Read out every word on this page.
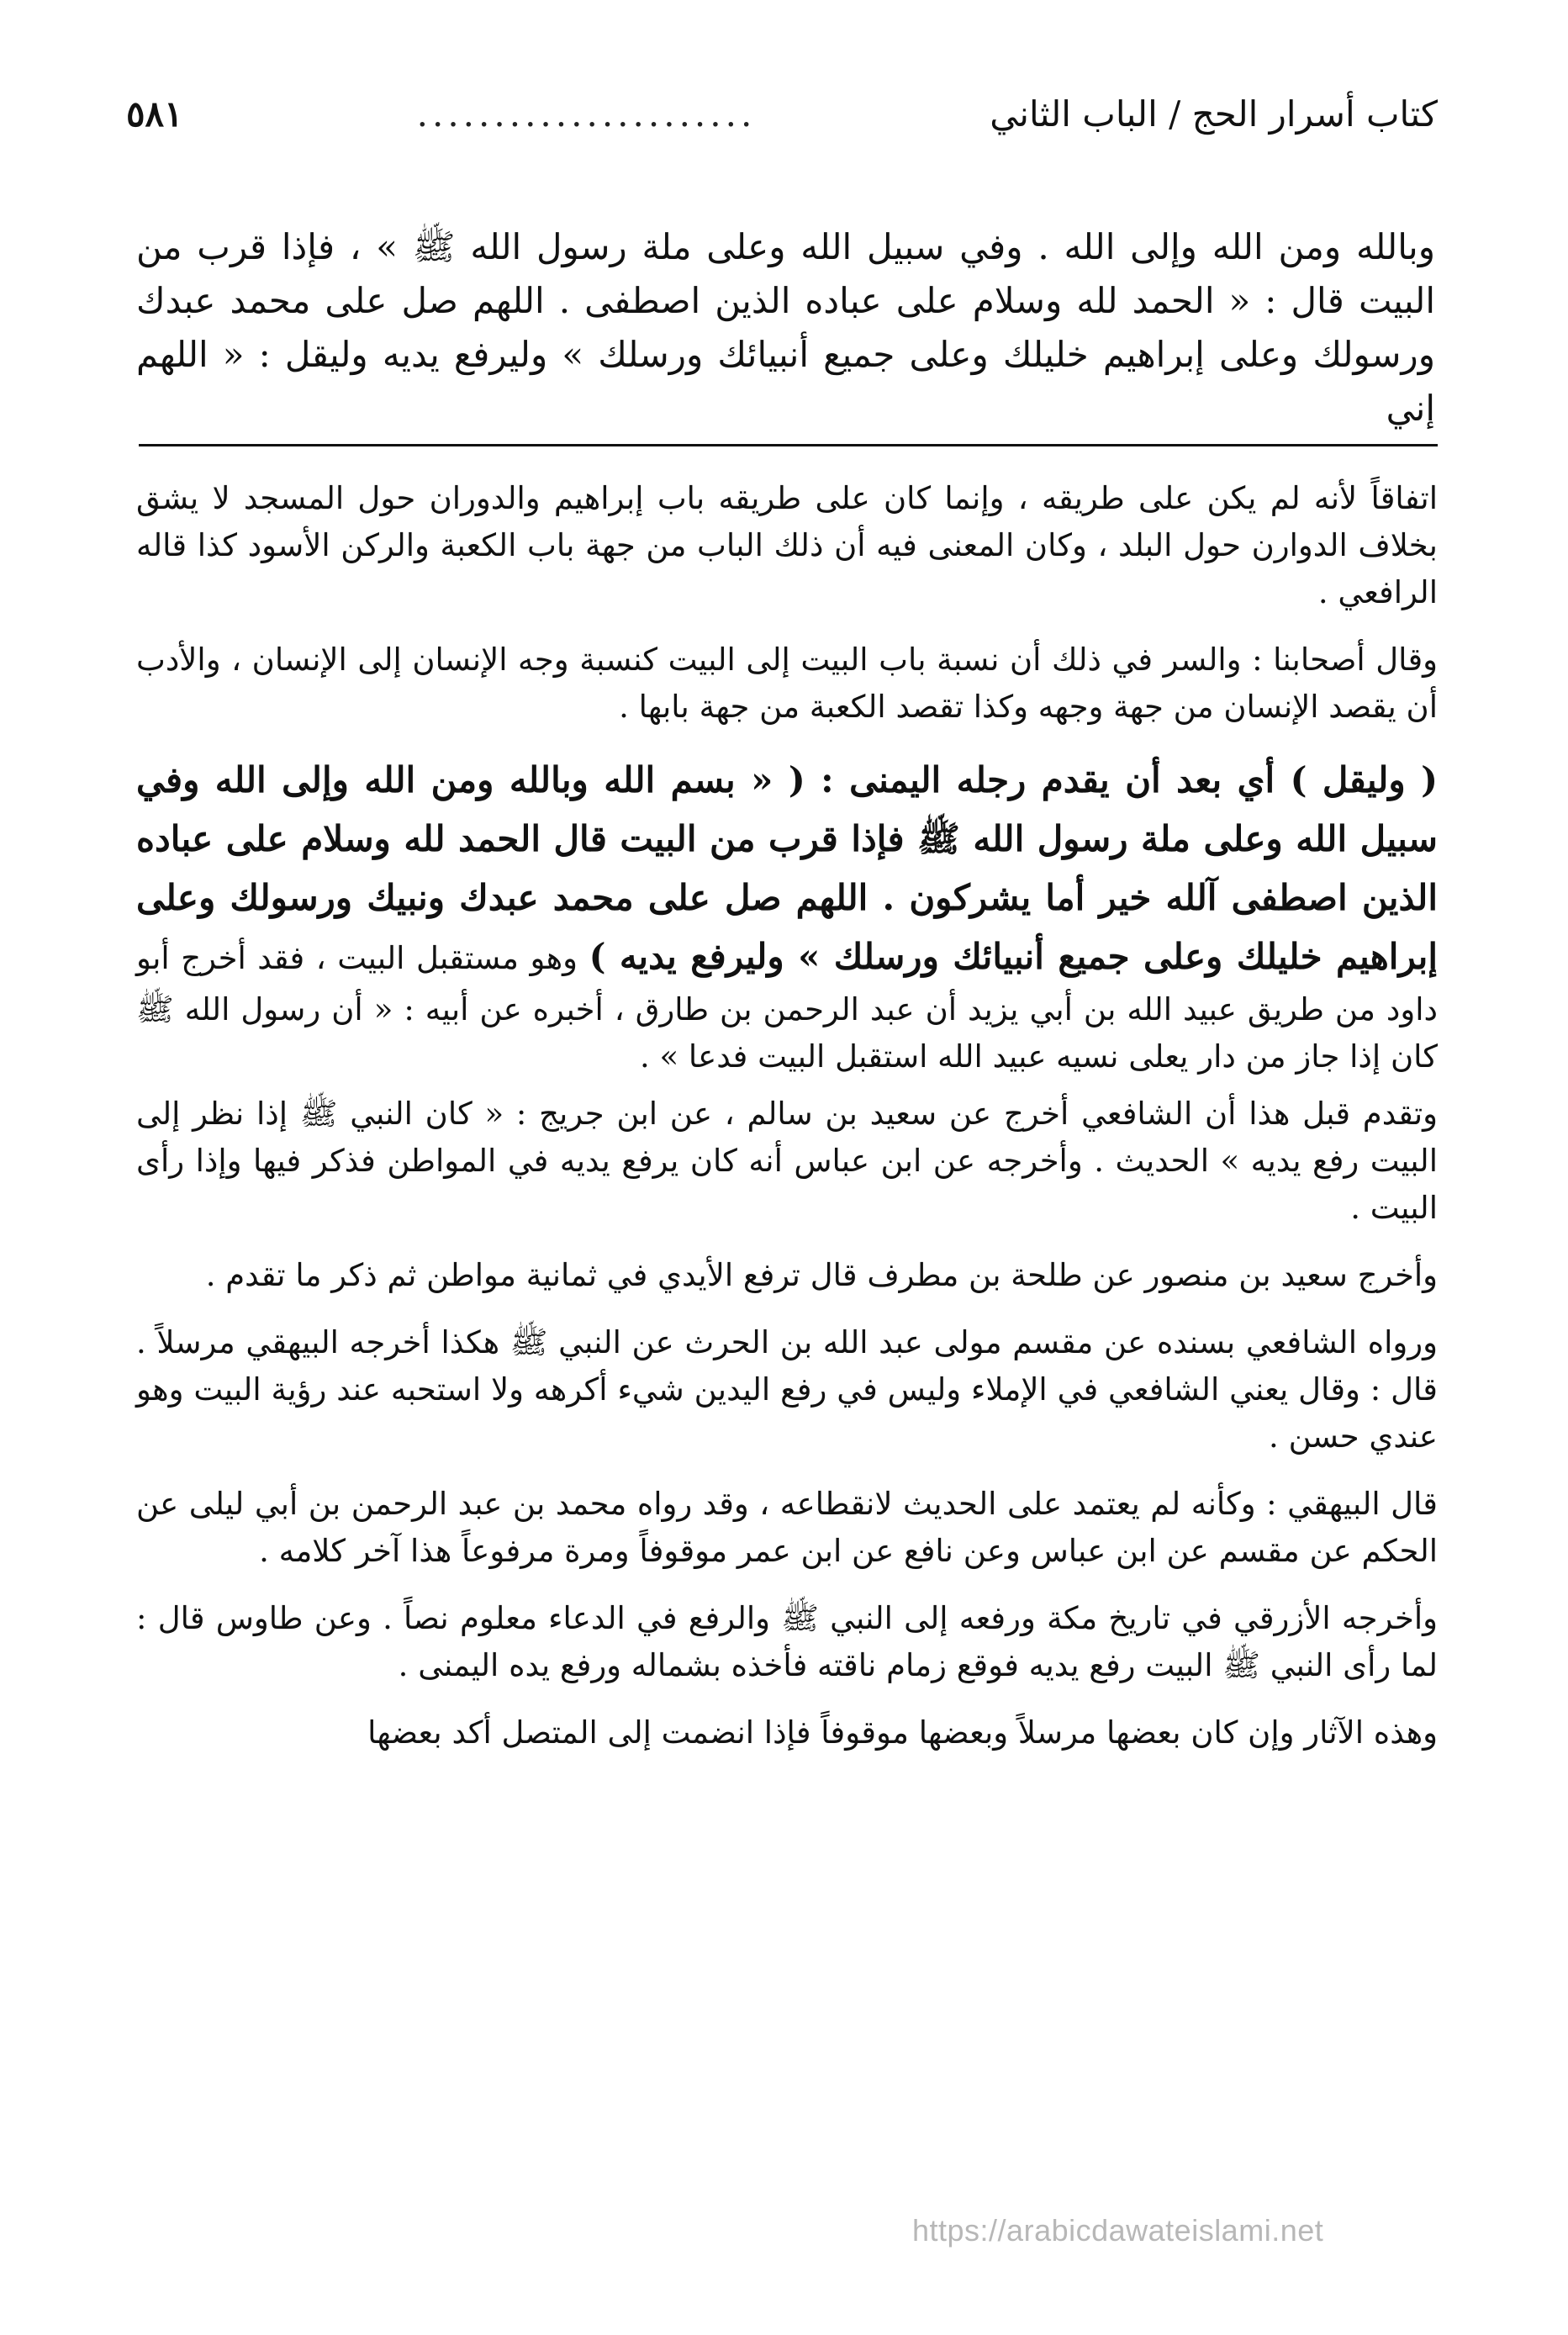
كتاب أسرار الحج / الباب الثاني
......................
٥٨١
وبالله ومن الله وإلى الله . وفي سبيل الله وعلى ملة رسول الله ﷺ » ، فإذا قرب من البيت قال : « الحمد لله وسلام على عباده الذين اصطفى . اللهم صل على محمد عبدك ورسولك وعلى إبراهيم خليلك وعلى جميع أنبيائك ورسلك » وليرفع يديه وليقل : « اللهم إني

اتفاقاً لأنه لم يكن على طريقه ، وإنما كان على طريقه باب إبراهيم والدوران حول المسجد لا يشق بخلاف الدوارن حول البلد ، وكان المعنى فيه أن ذلك الباب من جهة باب الكعبة والركن الأسود كذا قاله الرافعي .

وقال أصحابنا : والسر في ذلك أن نسبة باب البيت إلى البيت كنسبة وجه الإنسان إلى الإنسان ، والأدب أن يقصد الإنسان من جهة وجهه وكذا تقصد الكعبة من جهة بابها .

( وليقل ) أي بعد أن يقدم رجله اليمنى : ( « بسم الله وبالله ومن الله وإلى الله وفي سبيل الله وعلى ملة رسول الله ﷺ فإذا قرب من البيت قال الحمد لله وسلام على عباده الذين اصطفى آلله خير أما يشركون . اللهم صل على محمد عبدك ونبيك ورسولك وعلى إبراهيم خليلك وعلى جميع أنبيائك ورسلك » وليرفع يديه ) وهو مستقبل البيت ، فقد أخرج أبو داود من طريق عبيد الله بن أبي يزيد أن عبد الرحمن بن طارق ، أخبره عن أبيه : « أن رسول الله ﷺ كان إذا جاز من دار يعلى نسيه عبيد الله استقبل البيت فدعا » .

وتقدم قبل هذا أن الشافعي أخرج عن سعيد بن سالم ، عن ابن جريج : « كان النبي ﷺ إذا نظر إلى البيت رفع يديه » الحديث . وأخرجه عن ابن عباس أنه كان يرفع يديه في المواطن فذكر فيها وإذا رأى البيت .

وأخرج سعيد بن منصور عن طلحة بن مطرف قال ترفع الأيدي في ثمانية مواطن ثم ذكر ما تقدم .

ورواه الشافعي بسنده عن مقسم مولى عبد الله بن الحرث عن النبي ﷺ هكذا أخرجه البيهقي مرسلاً . قال : وقال يعني الشافعي في الإملاء وليس في رفع اليدين شيء أكرهه ولا استحبه عند رؤية البيت وهو عندي حسن .

قال البيهقي : وكأنه لم يعتمد على الحديث لانقطاعه ، وقد رواه محمد بن عبد الرحمن بن أبي ليلى عن الحكم عن مقسم عن ابن عباس وعن نافع عن ابن عمر موقوفاً ومرة مرفوعاً هذا آخر كلامه .

وأخرجه الأزرقي في تاريخ مكة ورفعه إلى النبي ﷺ والرفع في الدعاء معلوم نصاً . وعن طاوس قال : لما رأى النبي ﷺ البيت رفع يديه فوقع زمام ناقته فأخذه بشماله ورفع يده اليمنى .

وهذه الآثار وإن كان بعضها مرسلاً وبعضها موقوفاً فإذا انضمت إلى المتصل أكد بعضها

https://arabicdawateislami.net
